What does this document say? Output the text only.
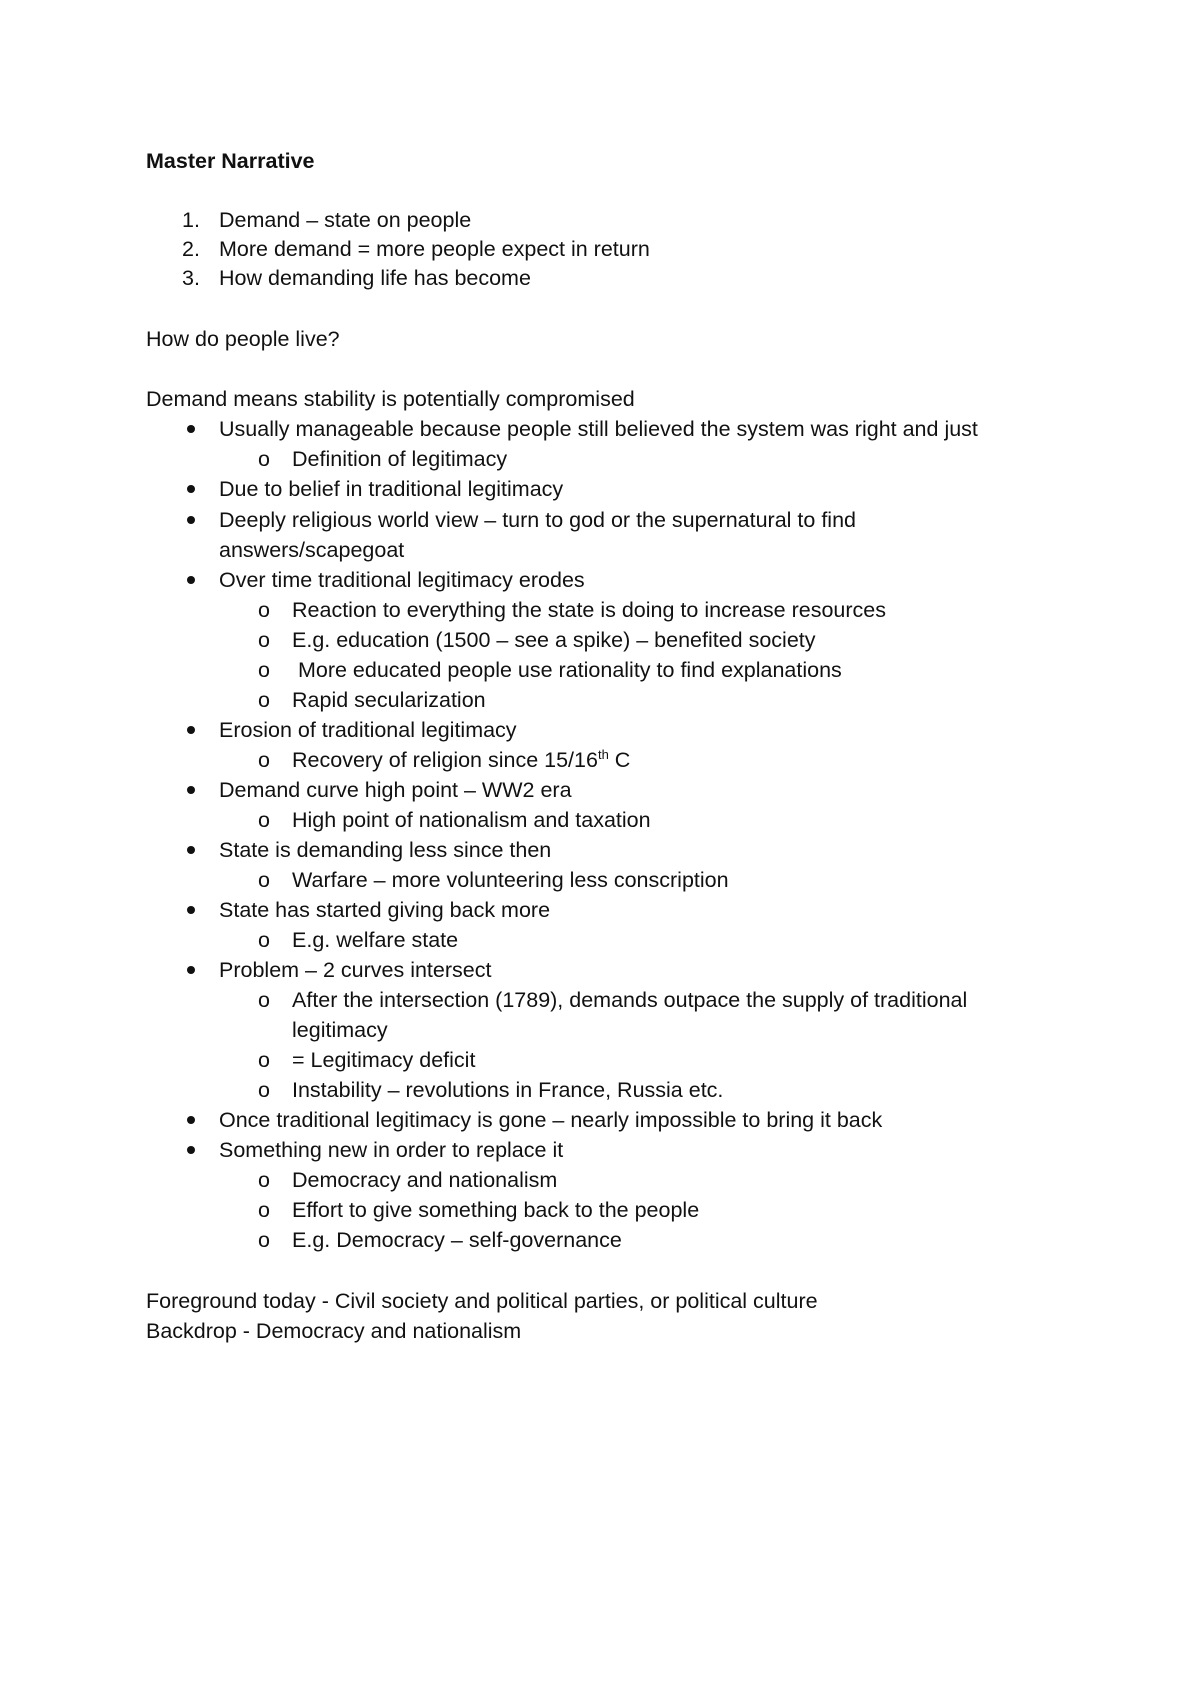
Master Narrative
1. Demand – state on people
2. More demand = more people expect in return
3. How demanding life has become
How do people live?
Demand means stability is potentially compromised
Usually manageable because people still believed the system was right and just
o Definition of legitimacy
Due to belief in traditional legitimacy
Deeply religious world view – turn to god or the supernatural to find
answers/scapegoat
Over time traditional legitimacy erodes
o Reaction to everything the state is doing to increase resources
o E.g. education (1500 – see a spike) – benefited society
o More educated people use rationality to find explanations
o Rapid secularization
Erosion of traditional legitimacy
o Recovery of religion since 15/16th C
Demand curve high point – WW2 era
o High point of nationalism and taxation
State is demanding less since then
o Warfare – more volunteering less conscription
State has started giving back more
o E.g. welfare state
Problem – 2 curves intersect
o After the intersection (1789), demands outpace the supply of traditional
legitimacy
o = Legitimacy deficit
o Instability – revolutions in France, Russia etc.
Once traditional legitimacy is gone – nearly impossible to bring it back
Something new in order to replace it
o Democracy and nationalism
o Effort to give something back to the people
o E.g. Democracy – self-governance
Foreground today - Civil society and political parties, or political culture
Backdrop - Democracy and nationalism
